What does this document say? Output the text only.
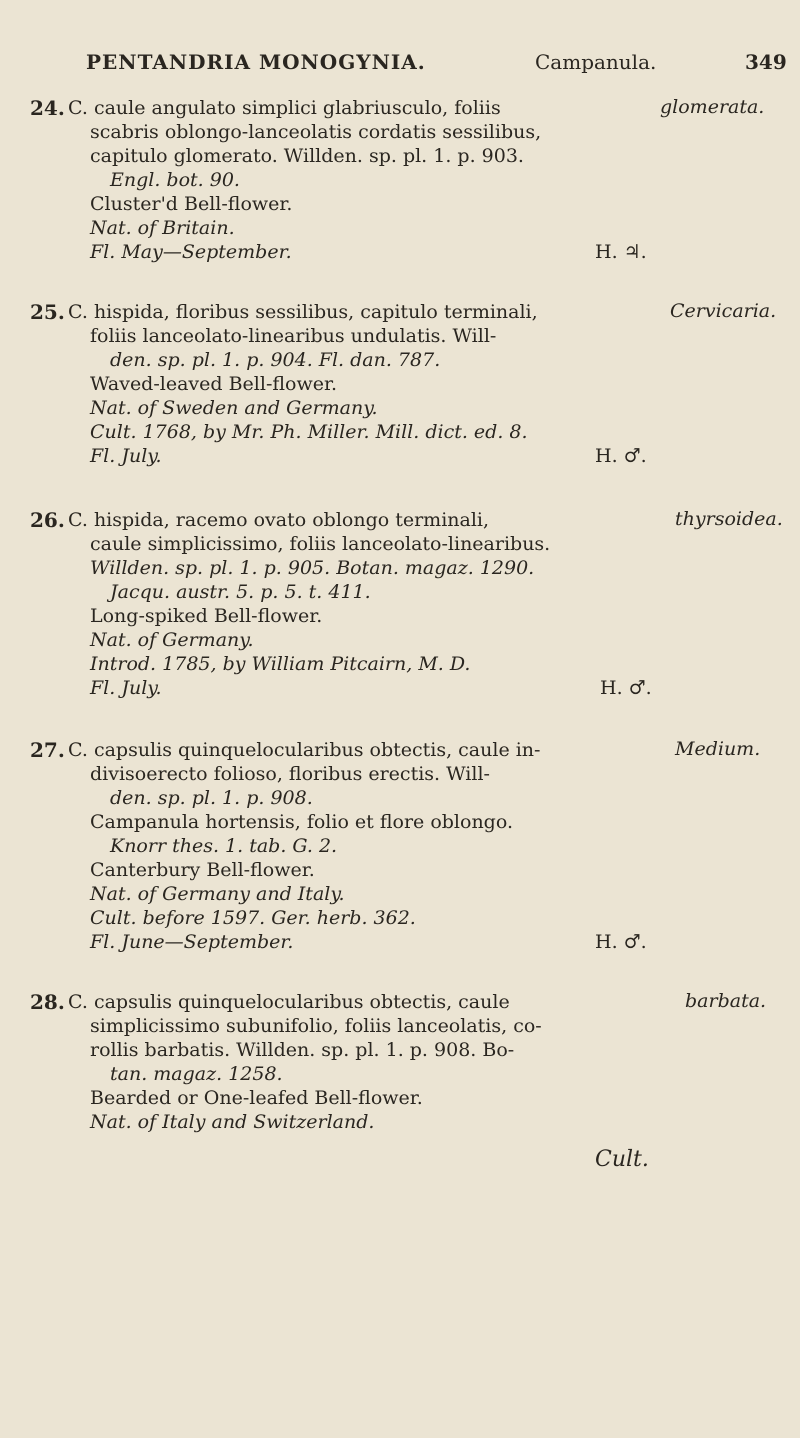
PENTANDRIA MONOGYNIA.	Campanula.	349
24.	glomerata.
C. caule angulato simplici glabriusculo, foliis
scabris oblongo-lanceolatis cordatis sessilibus,
capitulo glomerato. Willden. sp. pl. 1. p. 903.
Engl. bot. 90.
Cluster'd Bell-flower.
Nat. of Britain.
Fl. May—September.	H. ♃.
25.	Cervicaria.
C. hispida, floribus sessilibus, capitulo terminali,
foliis lanceolato-linearibus undulatis. Will-
den. sp. pl. 1. p. 904. Fl. dan. 787.
Waved-leaved Bell-flower.
Nat. of Sweden and Germany.
Cult. 1768, by Mr. Ph. Miller. Mill. dict. ed. 8.
Fl. July.	H. ♂.
26.	thyrsoidea.
C. hispida, racemo ovato oblongo terminali,
caule simplicissimo, foliis lanceolato-linearibus.
Willden. sp. pl. 1. p. 905. Botan. magaz. 1290.
Jacqu. austr. 5. p. 5. t. 411.
Long-spiked Bell-flower.
Nat. of Germany.
Introd. 1785, by William Pitcairn, M. D.
Fl. July.	H. ♂.
27.	Medium.
C. capsulis quinquelocularibus obtectis, caule in-
divisoerecto folioso, floribus erectis. Will-
den. sp. pl. 1. p. 908.
Campanula hortensis, folio et flore oblongo.
Knorr thes. 1. tab. G. 2.
Canterbury Bell-flower.
Nat. of Germany and Italy.
Cult. before 1597. Ger. herb. 362.
Fl. June—September.	H. ♂.
28.	barbata.
C. capsulis quinquelocularibus obtectis, caule
simplicissimo subunifolio, foliis lanceolatis, co-
rollis barbatis. Willden. sp. pl. 1. p. 908. Bo-
tan. magaz. 1258.
Bearded or One-leafed Bell-flower.
Nat. of Italy and Switzerland.
Cult.
